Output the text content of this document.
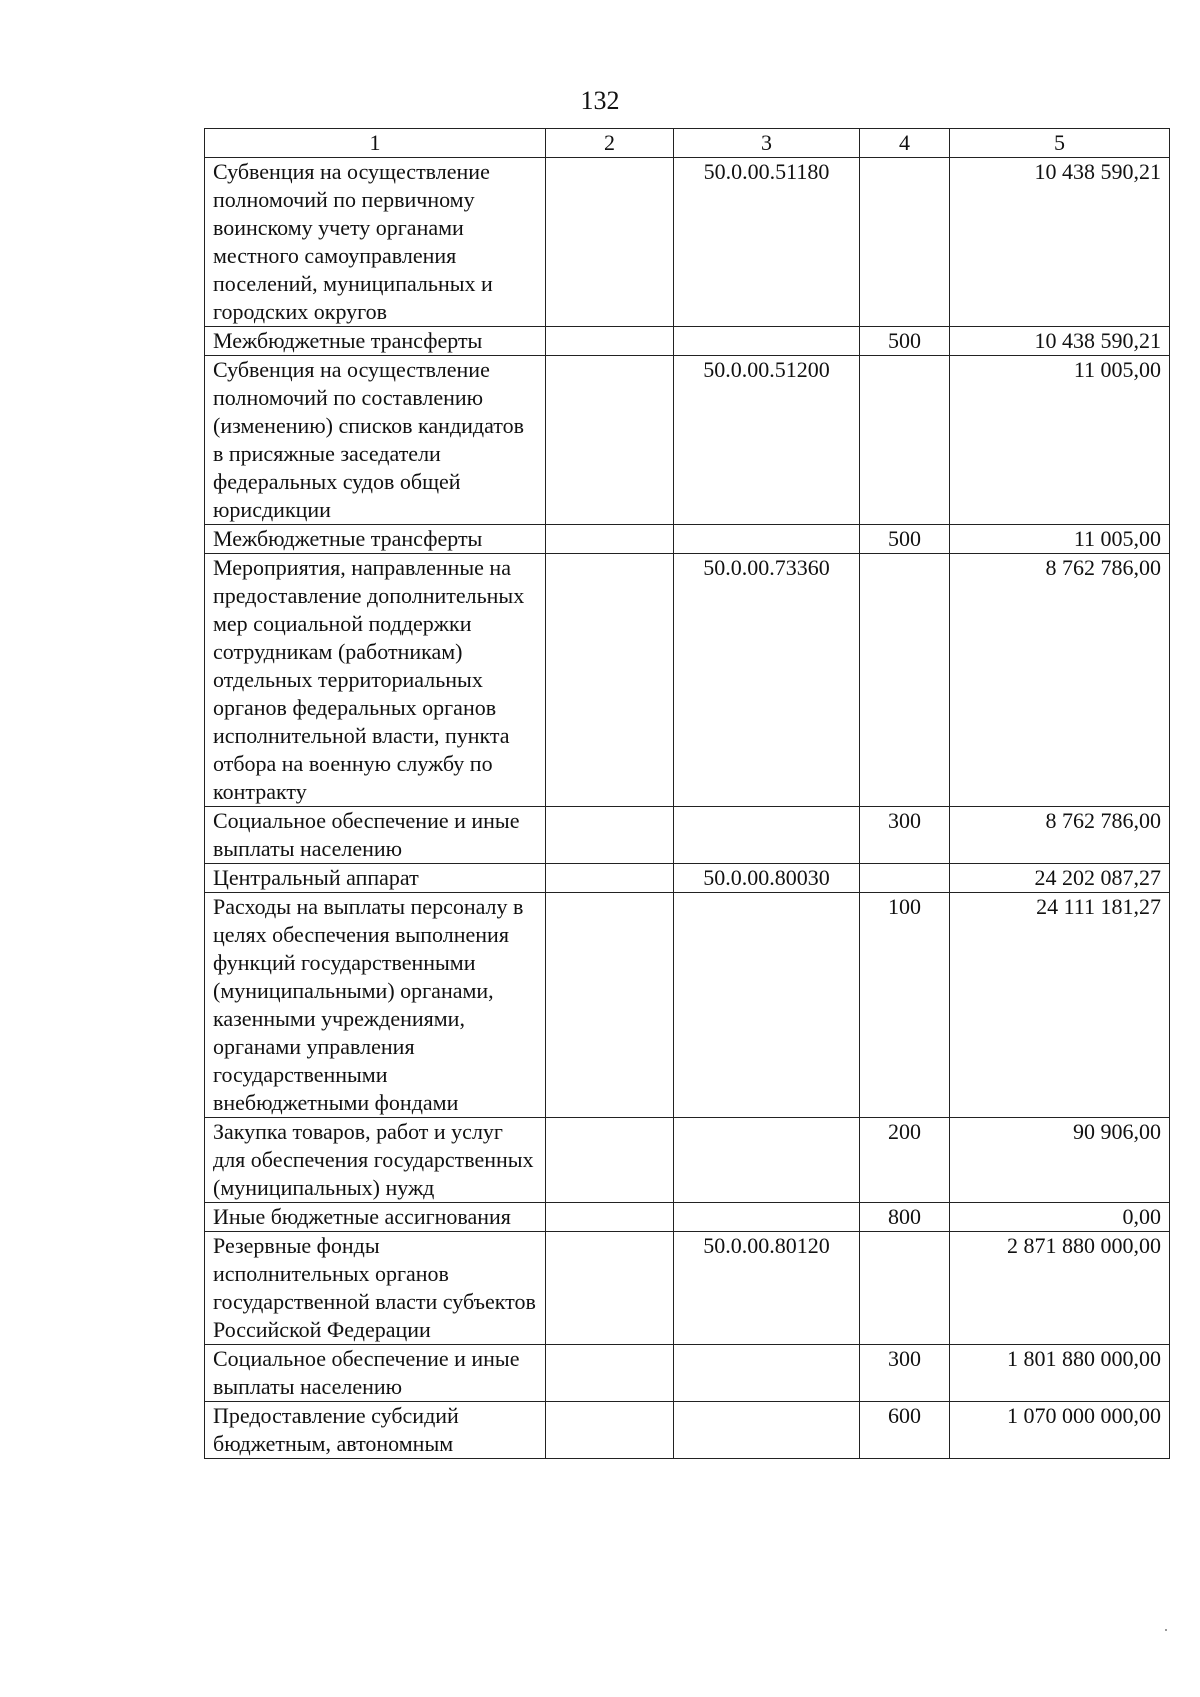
132
1	2	3	4	5
Субвенция на осуществление полномочий по первичному воинскому учету органами местного самоуправления поселений, муниципальных и городских округов		50.0.00.51180		10 438 590,21
Межбюджетные трансферты			500	10 438 590,21
Субвенция на осуществление полномочий по составлению (изменению) списков кандидатов в присяжные заседатели федеральных судов общей юрисдикции		50.0.00.51200		11 005,00
Межбюджетные трансферты			500	11 005,00
Мероприятия, направленные на предоставление дополнительных мер социальной поддержки сотрудникам (работникам) отдельных территориальных органов федеральных органов исполнительной власти, пункта отбора на военную службу по контракту		50.0.00.73360		8 762 786,00
Социальное обеспечение и иные выплаты населению			300	8 762 786,00
Центральный аппарат		50.0.00.80030		24 202 087,27
Расходы на выплаты персоналу в целях обеспечения выполнения функций государственными (муниципальными) органами, казенными учреждениями, органами управления государственными внебюджетными фондами			100	24 111 181,27
Закупка товаров, работ и услуг для обеспечения государственных (муниципальных) нужд			200	90 906,00
Иные бюджетные ассигнования			800	0,00
Резервные фонды исполнительных органов государственной власти субъектов Российской Федерации		50.0.00.80120		2 871 880 000,00
Социальное обеспечение и иные выплаты населению			300	1 801 880 000,00
Предоставление субсидий бюджетным, автономным			600	1 070 000 000,00
